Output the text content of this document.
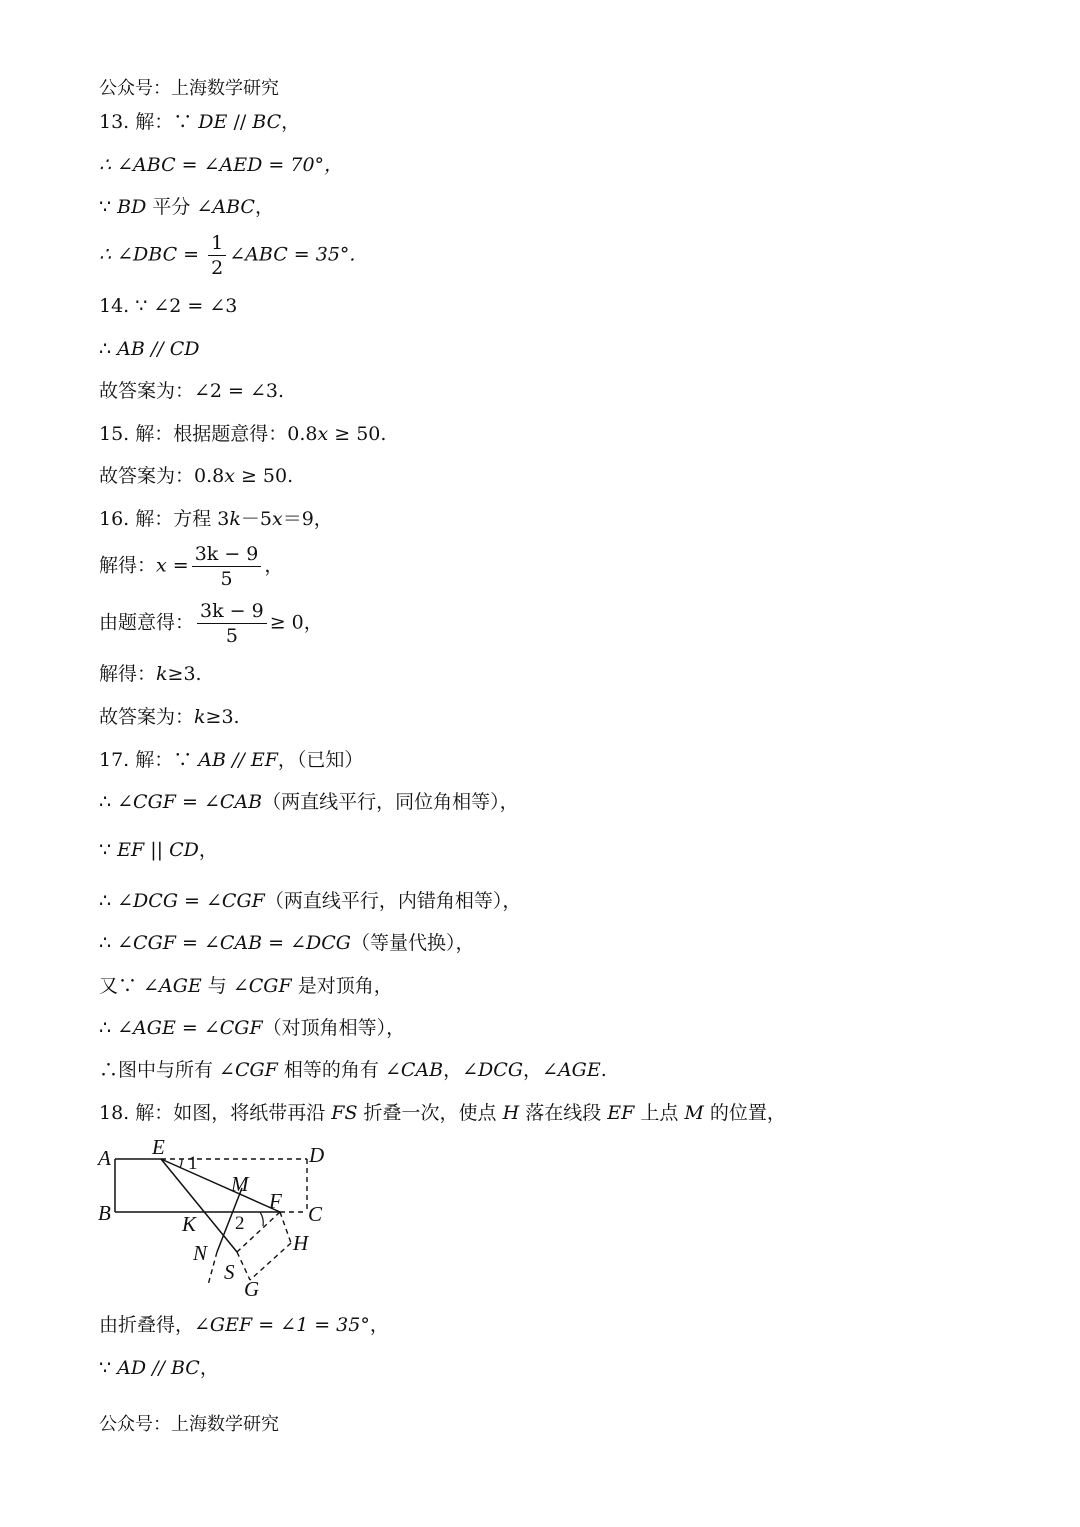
公众号：上海数学研究
13. 解：∵ DE // BC，
∴ ∠ABC = ∠AED = 70°，
∵ BD 平分 ∠ABC，
∴ ∠DBC = $\frac{1}{2}$ ∠ABC = 35°.
14. ∵ ∠2 = ∠3
∴ AB // CD
故答案为：∠2 = ∠3.
15. 解：根据题意得：0.8x ≥ 50.
故答案为：0.8x ≥ 50.
16. 解：方程 3k－5x＝9，
解得：$x = \frac{3k - 9}{5}$ ，
由题意得： $\frac{3k - 9}{5} \ge 0$，
解得：k≥3.
故答案为：k≥3.
17. 解：∵ AB // EF，（已知）
∴ ∠CGF = ∠CAB（两直线平行，同位角相等），
∵ EF || CD，
∴ ∠DCG = ∠CGF（两直线平行，内错角相等），
∴ ∠CGF = ∠CAB = ∠DCG（等量代换），
又∵ ∠AGE 与 ∠CGF 是对顶角，
∴ ∠AGE = ∠CGF（对顶角相等），
∴图中与所有 ∠CGF 相等的角有 ∠CAB，∠DCG，∠AGE.
18. 解：如图，将纸带再沿 FS 折叠一次，使点 H 落在线段 EF 上点 M 的位置，
A E	D
1
M
F
B	K 2	C
H
N
S
G
由折叠得，∠GEF = ∠1 = 35°，
∵ AD // BC，
公众号：上海数学研究
